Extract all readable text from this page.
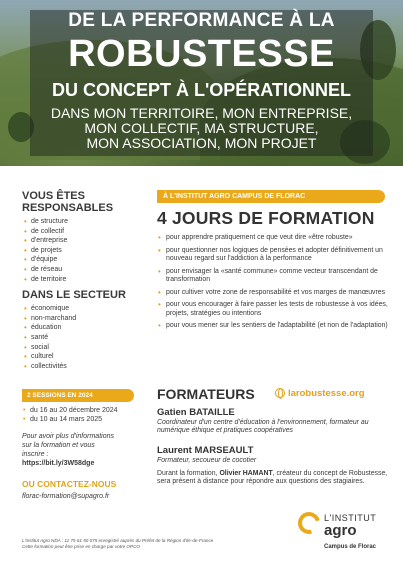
DE LA PERFORMANCE À LA
ROBUSTESSE
DU CONCEPT À L'OPÉRATIONNEL
DANS MON TERRITOIRE, MON ENTREPRISE,
MON COLLECTIF, MA STRUCTURE,
MON ASSOCIATION, MON PROJET
VOUS ÊTES
RESPONSABLES
• de structure
• de collectif
• d'entreprise
• de projets
• d'équipe
• de réseau
• de territoire
DANS LE SECTEUR
• économique
• non-marchand
• éducation
• santé
• social
• culturel
• collectivités
2 SESSIONS EN 2024
• du 16 au 20 décembre 2024
• du 10 au 14 mars 2025
Pour avoir plus d'informations
sur la formation et vous
inscrire :
https://bit.ly/3W58dge
OU CONTACTEZ-NOUS
florac-formation@supagro.fr
À L'INSTITUT AGRO CAMPUS DE FLORAC
4 JOURS DE FORMATION
• pour apprendre pratiquement ce que veut dire «être robuste»
• pour questionner nos logiques de pensées et adopter définitivement un nouveau regard sur l'addiction à la performance
• pour envisager la «santé commune» comme vecteur transcendant de transformation
• pour cultiver votre zone de responsabilité et vos marges de manœuvres
• pour vous encourager à faire passer les tests de robustesse à vos idées, projets, stratégies ou intentions
• pour vous mener sur les sentiers de l'adaptabilité (et non de l'adaptation)
FORMATEURS	larobustesse.org
Gatien BATAILLE
Coordinateur d'un centre d'éducation à l'environnement, formateur au numérique éthique et pratiques coopératives
Laurent MARSEAULT
Formateur, secoueur de cocotier
Durant la formation, Olivier HAMANT, créateur du concept de Robustesse, sera présent à distance pour répondre aux questions des stagiaires.
L'Institut Agro NDA : 11 75 61 50 075 enregistré auprès du Préfet de la Région d'Ile-de-France
Cette formation peut être prise en charge par votre OPCO
L'INSTITUT
agro
Campus de Florac
